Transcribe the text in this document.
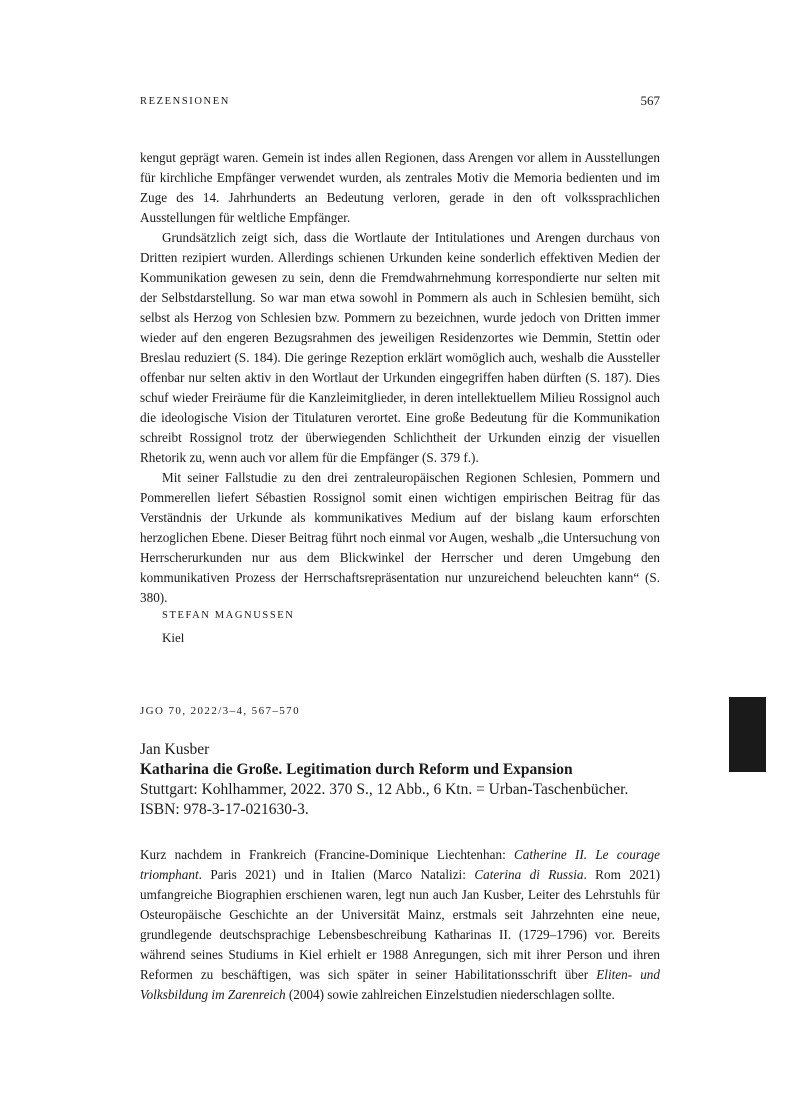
REZENSIONEN	567

kengut geprägt waren. Gemein ist indes allen Regionen, dass Arengen vor allem in Ausstellungen für kirchliche Empfänger verwendet wurden, als zentrales Motiv die Memoria bedienten und im Zuge des 14. Jahrhunderts an Bedeutung verloren, gerade in den oft volkssprachlichen Ausstellungen für weltliche Empfänger.

Grundsätzlich zeigt sich, dass die Wortlaute der Intitulationes und Arengen durchaus von Dritten rezipiert wurden. Allerdings schienen Urkunden keine sonderlich effektiven Medien der Kommunikation gewesen zu sein, denn die Fremdwahrnehmung korrespondierte nur selten mit der Selbstdarstellung. So war man etwa sowohl in Pommern als auch in Schlesien bemüht, sich selbst als Herzog von Schlesien bzw. Pommern zu bezeichnen, wurde jedoch von Dritten immer wieder auf den engeren Bezugsrahmen des jeweiligen Residenzortes wie Demmin, Stettin oder Breslau reduziert (S. 184). Die geringe Rezeption erklärt womöglich auch, weshalb die Aussteller offenbar nur selten aktiv in den Wortlaut der Urkunden eingegriffen haben dürften (S. 187). Dies schuf wieder Freiräume für die Kanzleimitglieder, in deren intellektuellem Milieu Rossignol auch die ideologische Vision der Titulaturen verortet. Eine große Bedeutung für die Kommunikation schreibt Rossignol trotz der überwiegenden Schlichtheit der Urkunden einzig der visuellen Rhetorik zu, wenn auch vor allem für die Empfänger (S. 379 f.).

Mit seiner Fallstudie zu den drei zentraleuropäischen Regionen Schlesien, Pommern und Pommerellen liefert Sébastien Rossignol somit einen wichtigen empirischen Beitrag für das Verständnis der Urkunde als kommunikatives Medium auf der bislang kaum erforschten herzoglichen Ebene. Dieser Beitrag führt noch einmal vor Augen, weshalb „die Untersuchung von Herrscherurkunden nur aus dem Blickwinkel der Herrscher und deren Umgebung den kommunikativen Prozess der Herrschaftsrepräsentation nur unzureichend beleuchten kann“ (S. 380).

STEFAN MAGNUSSEN
Kiel
JGO 70, 2022/3–4, 567–570
Jan Kusber
Katharina die Große. Legitimation durch Reform und Expansion
Stuttgart: Kohlhammer, 2022. 370 S., 12 Abb., 6 Ktn. = Urban-Taschenbücher.
ISBN: 978-3-17-021630-3.

Kurz nachdem in Frankreich (Francine-Dominique Liechtenhan: Catherine II. Le courage triomphant. Paris 2021) und in Italien (Marco Natalizi: Caterina di Russia. Rom 2021) umfangreiche Biographien erschienen waren, legt nun auch Jan Kusber, Leiter des Lehrstuhls für Osteuropäische Geschichte an der Universität Mainz, erstmals seit Jahrzehnten eine neue, grundlegende deutschsprachige Lebensbeschreibung Katharinas II. (1729–1796) vor. Bereits während seines Studiums in Kiel erhielt er 1988 Anregungen, sich mit ihrer Person und ihren Reformen zu beschäftigen, was sich später in seiner Habilitationsschrift über Eliten- und Volksbildung im Zarenreich (2004) sowie zahlreichen Einzelstudien niederschlagen sollte.
